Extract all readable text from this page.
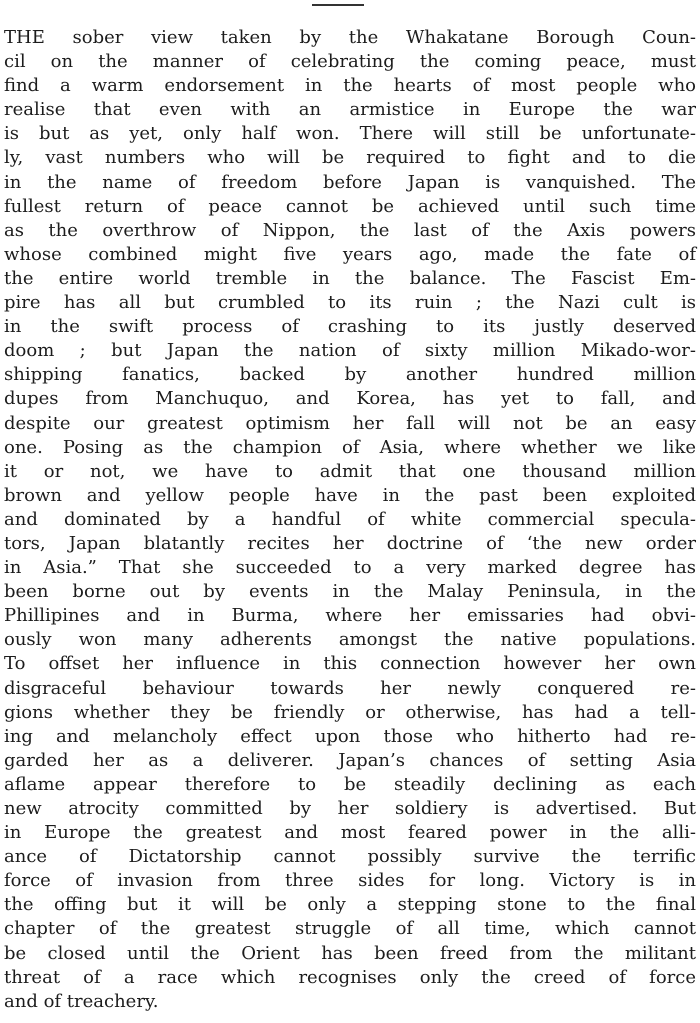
THE sober view taken by the Whakatane Borough Coun-
cil on the manner of celebrating the coming peace, must
find a warm endorsement in the hearts of most people who
realise that even with an armistice in Europe the war
is but as yet, only half won. There will still be unfortunate-
ly, vast numbers who will be required to fight and to die
in the name of freedom before Japan is vanquished. The
fullest return of peace cannot be achieved until such time
as the overthrow of Nippon, the last of the Axis powers
whose combined might five years ago, made the fate of
the entire world tremble in the balance. The Fascist Em-
pire has all but crumbled to its ruin ; the Nazi cult is
in the swift process of crashing to its justly deserved
doom ; but Japan the nation of sixty million Mikado-wor-
shipping fanatics, backed by another hundred million
dupes from Manchuquo, and Korea, has yet to fall, and
despite our greatest optimism her fall will not be an easy
one. Posing as the champion of Asia, where whether we like
it or not, we have to admit that one thousand million
brown and yellow people have in the past been exploited
and dominated by a handful of white commercial specula-
tors, Japan blatantly recites her doctrine of ‘the new order
in Asia.” That she succeeded to a very marked degree has
been borne out by events in the Malay Peninsula, in the
Phillipines and in Burma, where her emissaries had obvi-
ously won many adherents amongst the native populations.
To offset her influence in this connection however her own
disgraceful behaviour towards her newly conquered re-
gions whether they be friendly or otherwise, has had a tell-
ing and melancholy effect upon those who hitherto had re-
garded her as a deliverer. Japan’s chances of setting Asia
aflame appear therefore to be steadily declining as each
new atrocity committed by her soldiery is advertised. But
in Europe the greatest and most feared power in the alli-
ance of Dictatorship cannot possibly survive the terrific
force of invasion from three sides for long. Victory is in
the offing but it will be only a stepping stone to the final
chapter of the greatest struggle of all time, which cannot
be closed until the Orient has been freed from the militant
threat of a race which recognises only the creed of force
and of treachery.
